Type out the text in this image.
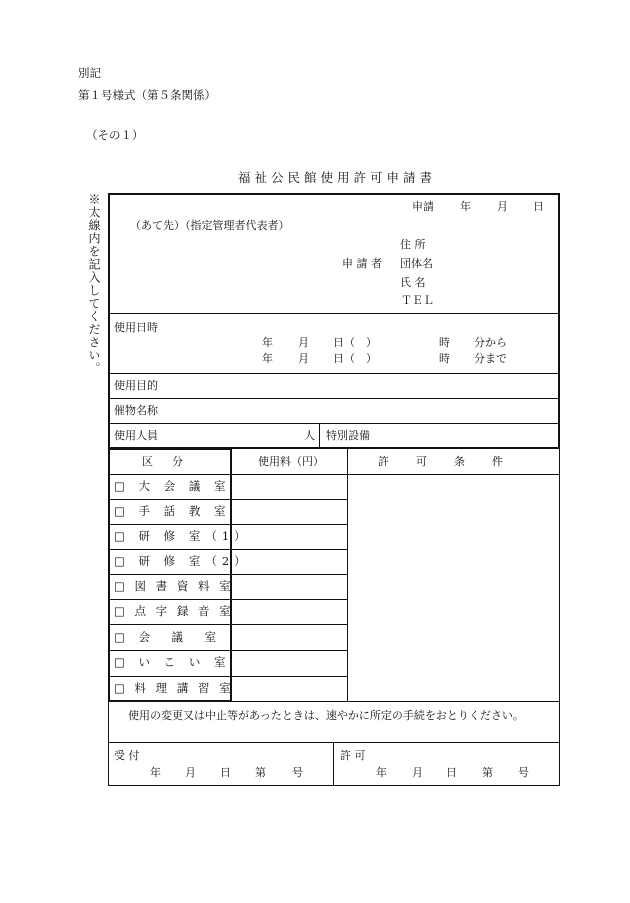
別記
第１号様式（第５条関係）
（その１）
福祉公民館使用許可申請書
※太線内を記入してください。	申請 年 月 日
（あて先）（指定管理者代表者）
住 所
申 請 者 団体名
氏 名
ＴＥＬ
使用日時
年 月 日（　）	時 分から
年 月 日（　）	時 分まで
使用目的
催物名称
使用人員	人 特別設備
区　分	使用料（円）	許　可　条　件
□ 大 会 議 室
□ 手 話 教 室
□ 研 修 室（1）
□ 研 修 室（2）
□ 図 書 資 料 室
□ 点 字 録 音 室
□ 会　議　室
□ い こ い 室
□ 料 理 講 習 室
使用の変更又は中止等があったときは、速やかに所定の手続をおとりください。
受 付
年 月 日 第 号
許 可
年 月 日 第 号
